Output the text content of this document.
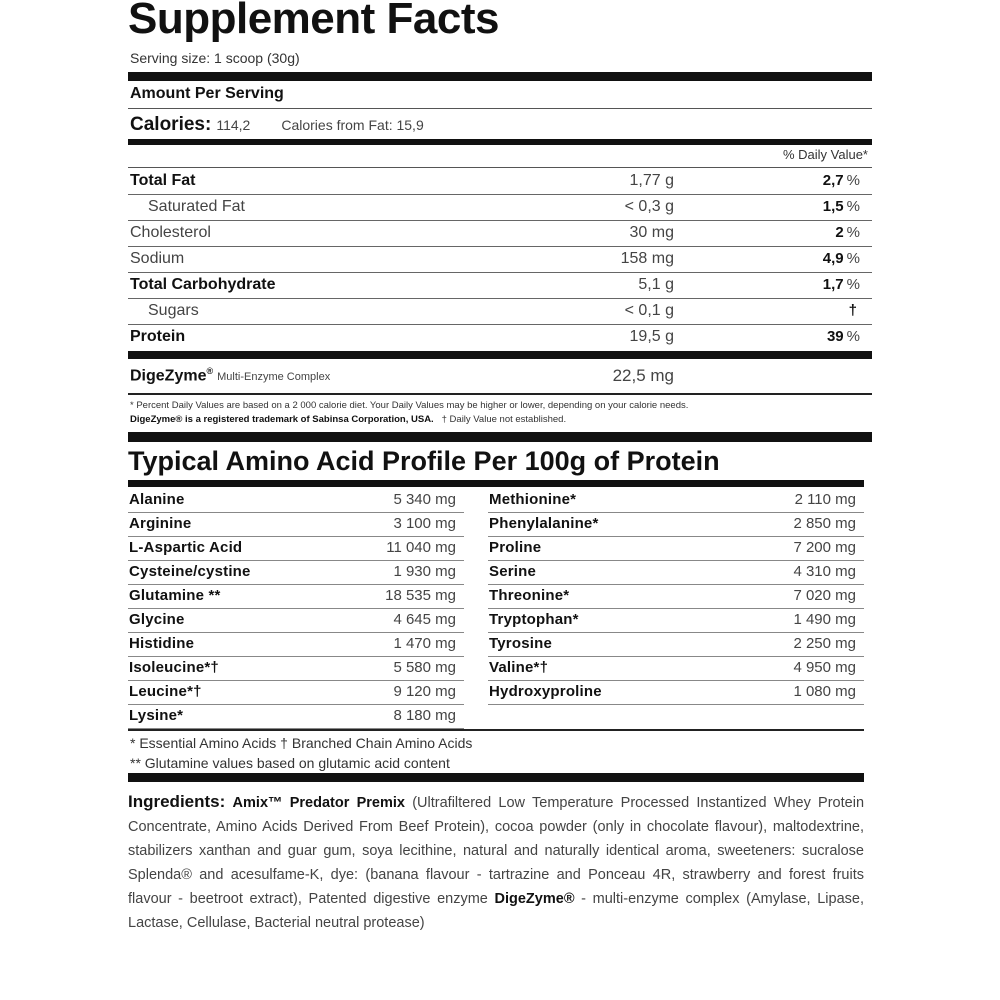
Supplement Facts
Serving size: 1 scoop (30g)
Amount Per Serving
Calories: 114,2 Calories from Fat: 15,9
% Daily Value*
Total Fat	1,77 g	2,7 %
Saturated Fat	< 0,3 g	1,5 %
Cholesterol	30 mg	2 %
Sodium	158 mg	4,9 %
Total Carbohydrate	5,1 g	1,7 %
Sugars	< 0,1 g	†
Protein	19,5 g	39 %
DigeZyme®Multi-Enzyme Complex	22,5 mg
* Percent Daily Values are based on a 2 000 calorie diet. Your Daily Values may be higher or lower, depending on your calorie needs.
DigeZyme® is a registered trademark of Sabinsa Corporation, USA. † Daily Value not established.
Typical Amino Acid Profile Per 100g of Protein
Alanine	5 340 mg
Arginine	3 100 mg
L-Aspartic Acid	11 040 mg
Cysteine/cystine	1 930 mg
Glutamine **	18 535 mg
Glycine	4 645 mg
Histidine	1 470 mg
Isoleucine*†	5 580 mg
Leucine*†	9 120 mg
Lysine*	8 180 mg
Methionine*	2 110 mg
Phenylalanine*	2 850 mg
Proline	7 200 mg
Serine	4 310 mg
Threonine*	7 020 mg
Tryptophan*	1 490 mg
Tyrosine	2 250 mg
Valine*†	4 950 mg
Hydroxyproline	1 080 mg
* Essential Amino Acids † Branched Chain Amino Acids
** Glutamine values based on glutamic acid content
Ingredients: Amix™ Predator Premix (Ultrafiltered Low Temperature Processed Instantized Whey Protein Concentrate, Amino Acids Derived From Beef Protein), cocoa powder (only in chocolate flavour), maltodextrine, stabilizers xanthan and guar gum, soya lecithine, natural and naturally identical aroma, sweeteners: sucralose Splenda® and acesulfame-K, dye: (banana flavour - tartrazine and Ponceau 4R, strawberry and forest fruits flavour - beetroot extract), Patented digestive enzyme DigeZyme® - multi-enzyme complex (Amylase, Lipase, Lactase, Cellulase, Bacterial neutral protease)
